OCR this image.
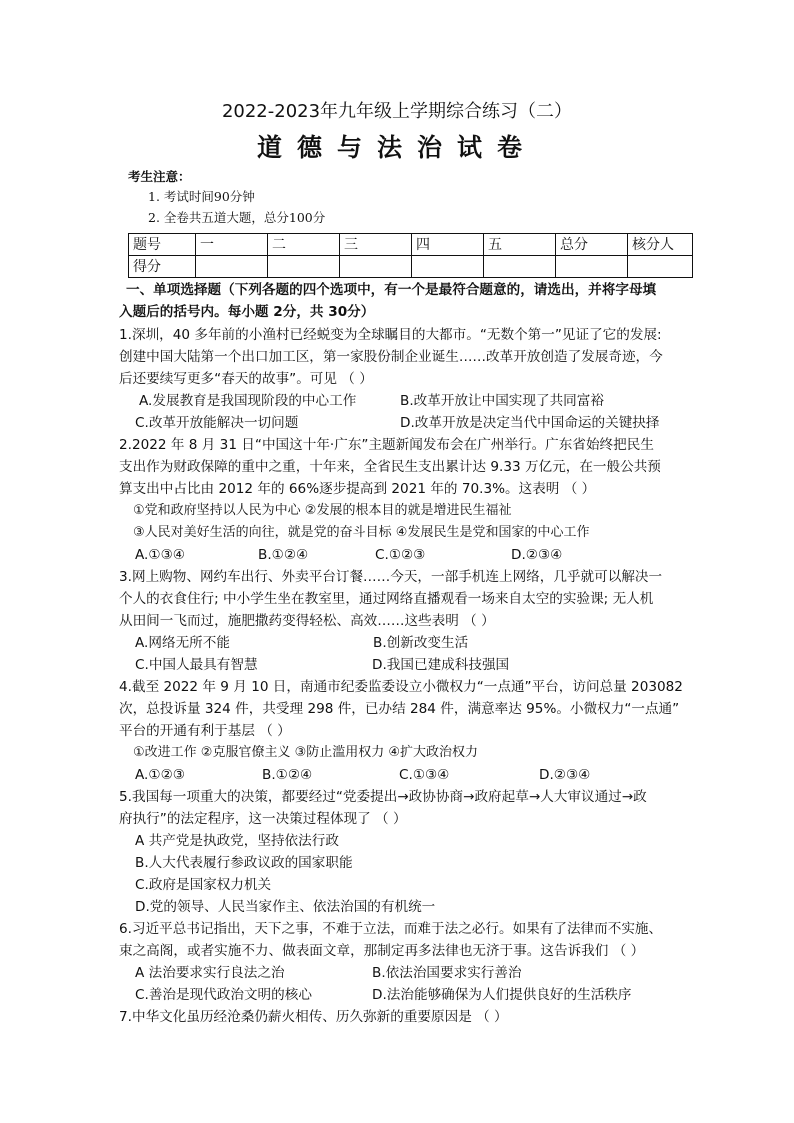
2022-2023年九年级上学期综合练习（二）
道德与法治试卷
考生注意：
1. 考试时间90分钟
2. 全卷共五道大题，总分100分
题号	一	二	三	四	五	总分	核分人
得分							
一、单项选择题（下列各题的四个选项中，有一个是最符合题意的，请选出，并将字母填
入题后的括号内。每小题 2分，共 30分）
1.深圳，40 多年前的小渔村已经蜕变为全球瞩目的大都市。“无数个第一”见证了它的发展:
创建中国大陆第一个出口加工区，第一家股份制企业诞生……改革开放创造了发展奇迹，今
后还要续写更多“春天的故事”。可见 （ ）
A.发展教育是我国现阶段的中心工作	B.改革开放让中国实现了共同富裕
C.改革开放能解决一切问题	D.改革开放是决定当代中国命运的关键抉择
2.2022 年 8 月 31 日“中国这十年·广东”主题新闻发布会在广州举行。广东省始终把民生
支出作为财政保障的重中之重，十年来，全省民生支出累计达 9.33 万亿元，在一般公共预
算支出中占比由 2012 年的 66%逐步提高到 2021 年的 70.3%。这表明 （ ）
①党和政府坚持以人民为中心 ②发展的根本目的就是增进民生福祉
③人民对美好生活的向往，就是党的奋斗目标 ④发展民生是党和国家的中心工作
A.①③④	B.①②④	C.①②③	D.②③④
3.网上购物、网约车出行、外卖平台订餐……今天，一部手机连上网络，几乎就可以解决一
个人的衣食住行; 中小学生坐在教室里，通过网络直播观看一场来自太空的实验课; 无人机
从田间一飞而过，施肥撒药变得轻松、高效……这些表明 （ ）
A.网络无所不能	B.创新改变生活
C.中国人最具有智慧	D.我国已建成科技强国
4.截至 2022 年 9 月 10 日，南通市纪委监委设立小微权力“一点通”平台，访问总量 203082
次，总投诉量 324 件，共受理 298 件，已办结 284 件，满意率达 95%。小微权力“一点通”
平台的开通有利于基层 （ ）
①改进工作 ②克服官僚主义 ③防止滥用权力 ④扩大政治权力
A.①②③	B.①②④	C.①③④	D.②③④
5.我国每一项重大的决策，都要经过“党委提出→政协协商→政府起草→人大审议通过→政
府执行”的法定程序，这一决策过程体现了 （ ）
A 共产党是执政党，坚持依法行政
B.人大代表履行参政议政的国家职能
C.政府是国家权力机关
D.党的领导、人民当家作主、依法治国的有机统一
6.习近平总书记指出，天下之事，不难于立法，而难于法之必行。如果有了法律而不实施、
束之高阁，或者实施不力、做表面文章，那制定再多法律也无济于事。这告诉我们 （ ）
A 法治要求实行良法之治	B.依法治国要求实行善治
C.善治是现代政治文明的核心	D.法治能够确保为人们提供良好的生活秩序
7.中华文化虽历经沧桑仍薪火相传、历久弥新的重要原因是 （ ）
